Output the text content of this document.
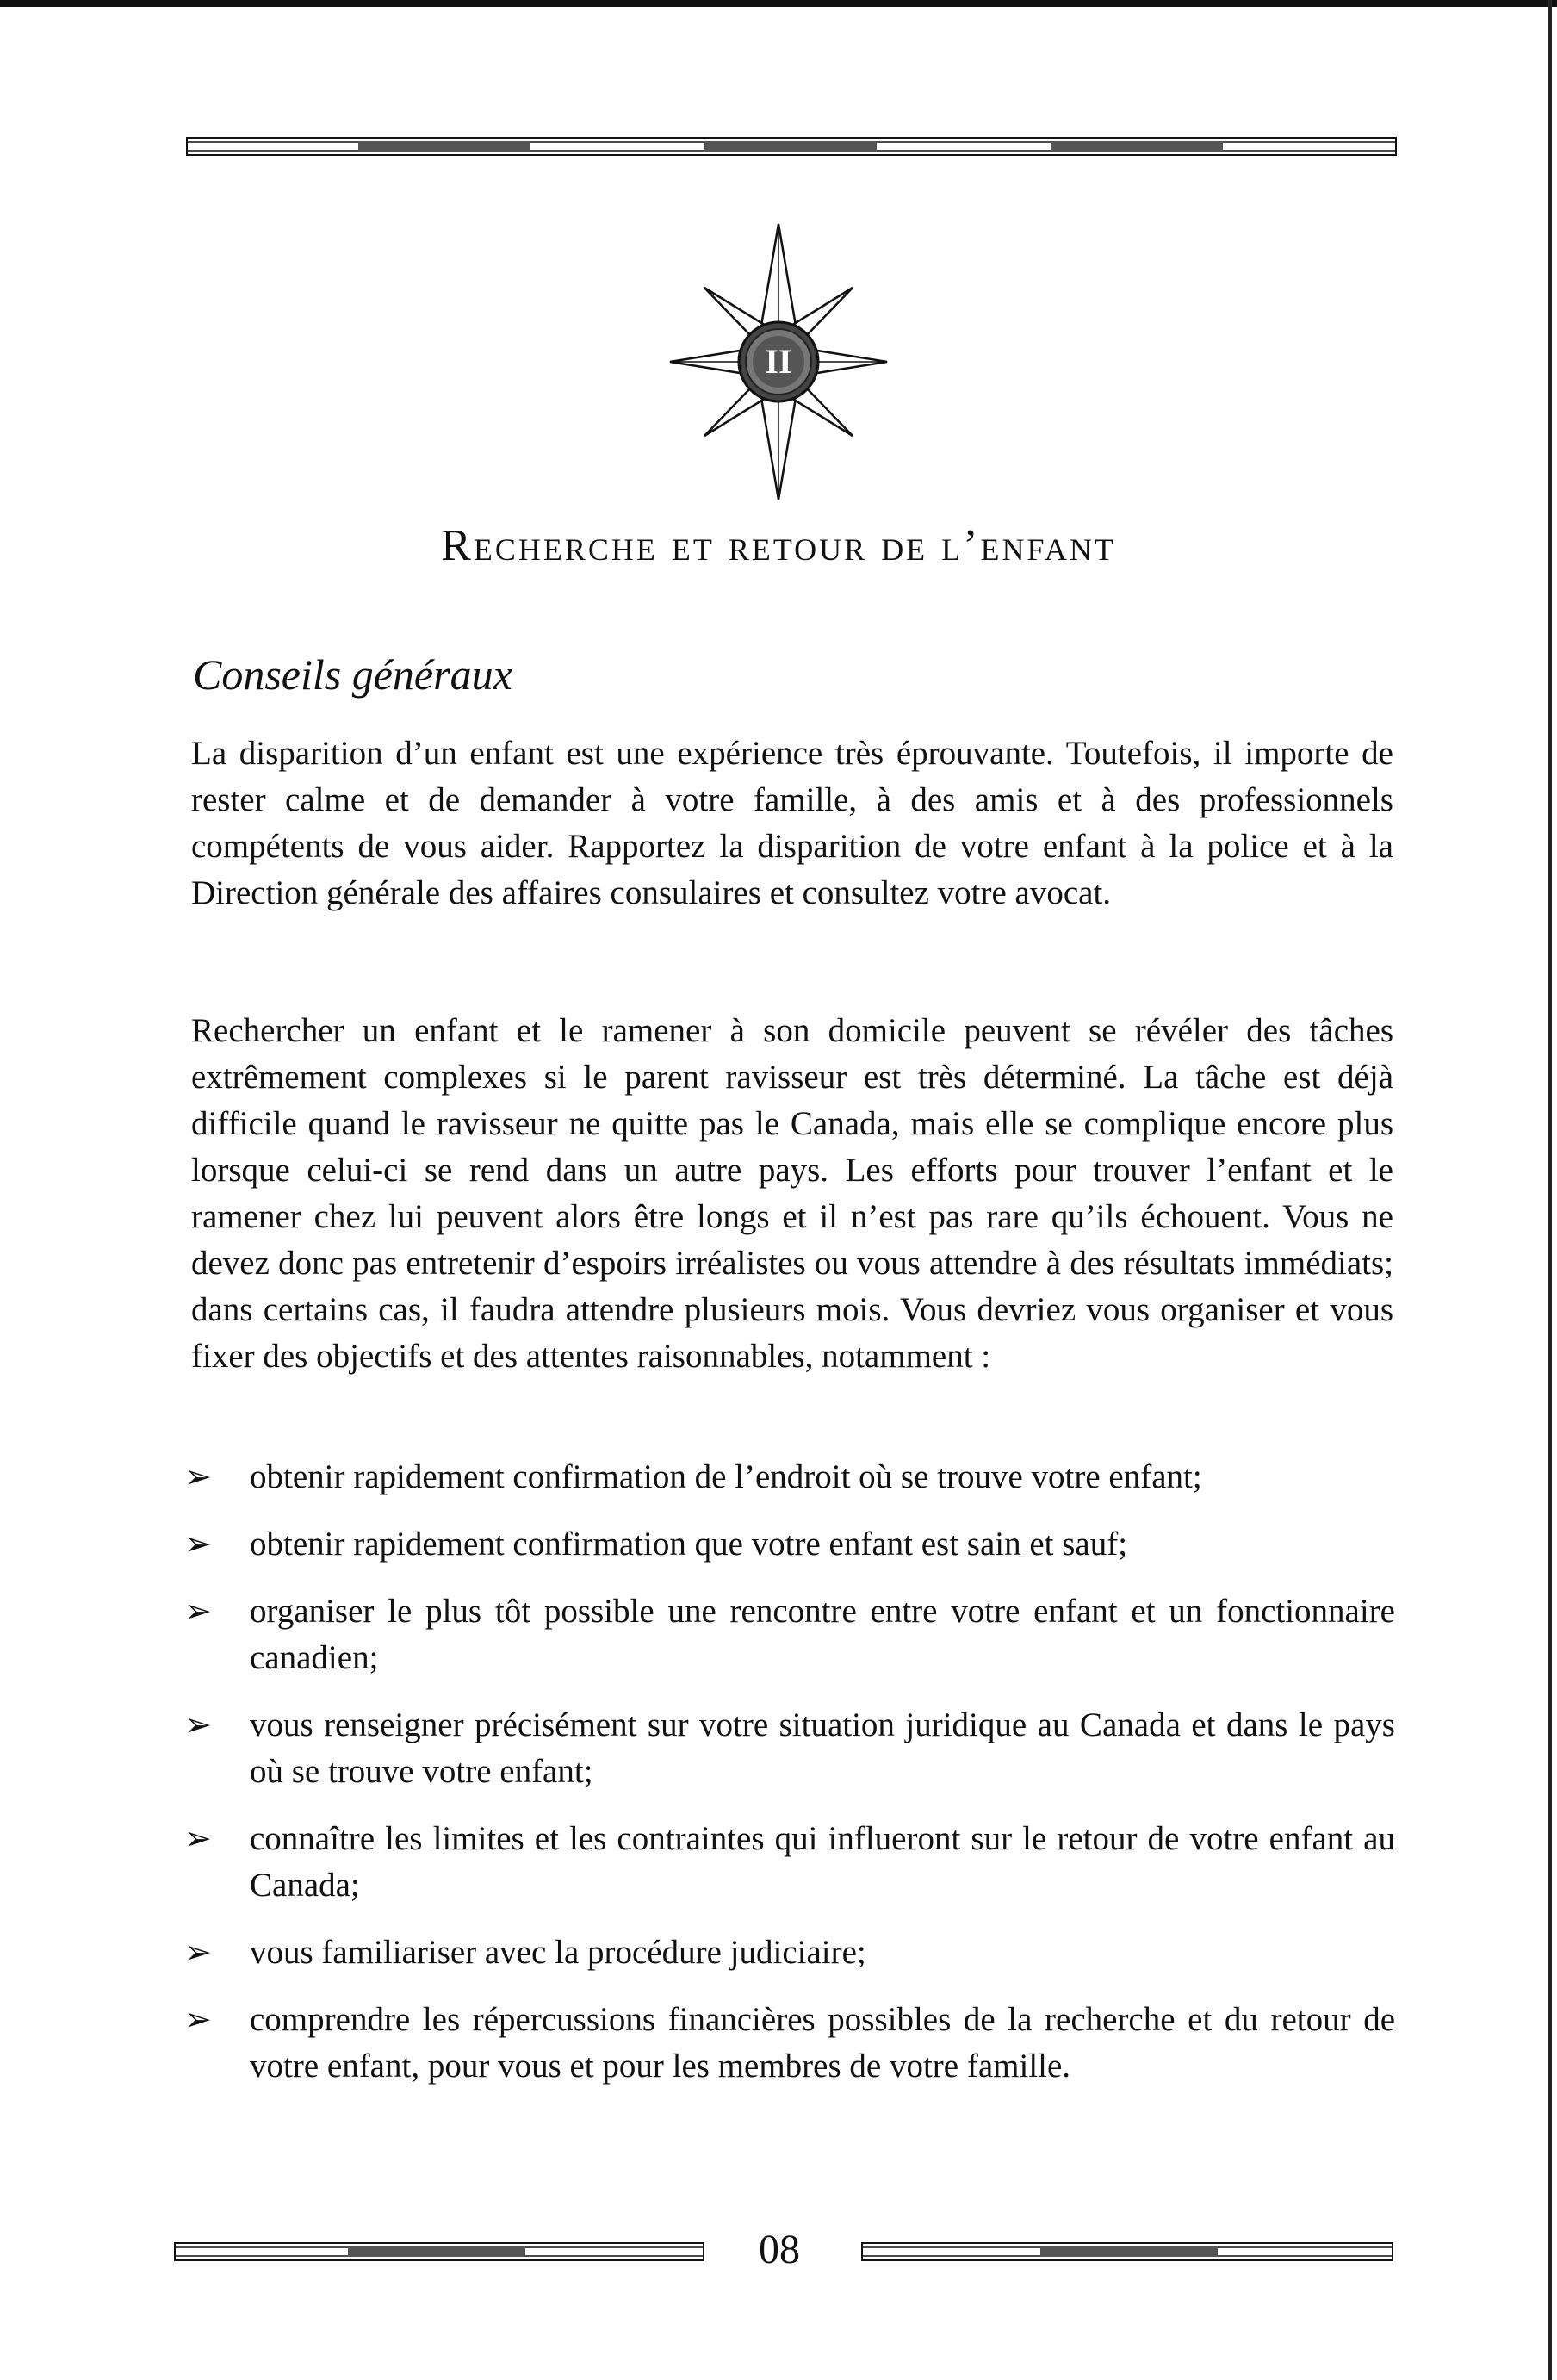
II
Recherche et retour de l’enfant
Conseils généraux

La disparition d’un enfant est une expérience très éprouvante. Toutefois, il importe de rester calme et de demander à votre famille, à des amis et à des professionnels compétents de vous aider. Rapportez la disparition de votre enfant à la police et à la Direction générale des affaires consulaires et consultez votre avocat.

Rechercher un enfant et le ramener à son domicile peuvent se révéler des tâches extrêmement complexes si le parent ravisseur est très déterminé. La tâche est déjà difficile quand le ravisseur ne quitte pas le Canada, mais elle se complique encore plus lorsque celui-ci se rend dans un autre pays. Les efforts pour trouver l’enfant et le ramener chez lui peuvent alors être longs et il n’est pas rare qu’ils échouent. Vous ne devez donc pas entretenir d’espoirs irréalistes ou vous attendre à des résultats immédiats; dans certains cas, il faudra attendre plusieurs mois. Vous devriez vous organiser et vous fixer des objectifs et des attentes raisonnables, notamment :

➢	obtenir rapidement confirmation de l’endroit où se trouve votre enfant;
➢	obtenir rapidement confirmation que votre enfant est sain et sauf;
➢	organiser le plus tôt possible une rencontre entre votre enfant et un fonctionnaire canadien;
➢	vous renseigner précisément sur votre situation juridique au Canada et dans le pays où se trouve votre enfant;
➢	connaître les limites et les contraintes qui influeront sur le retour de votre enfant au Canada;
➢	vous familiariser avec la procédure judiciaire;
➢	comprendre les répercussions financières possibles de la recherche et du retour de votre enfant, pour vous et pour les membres de votre famille.
08
